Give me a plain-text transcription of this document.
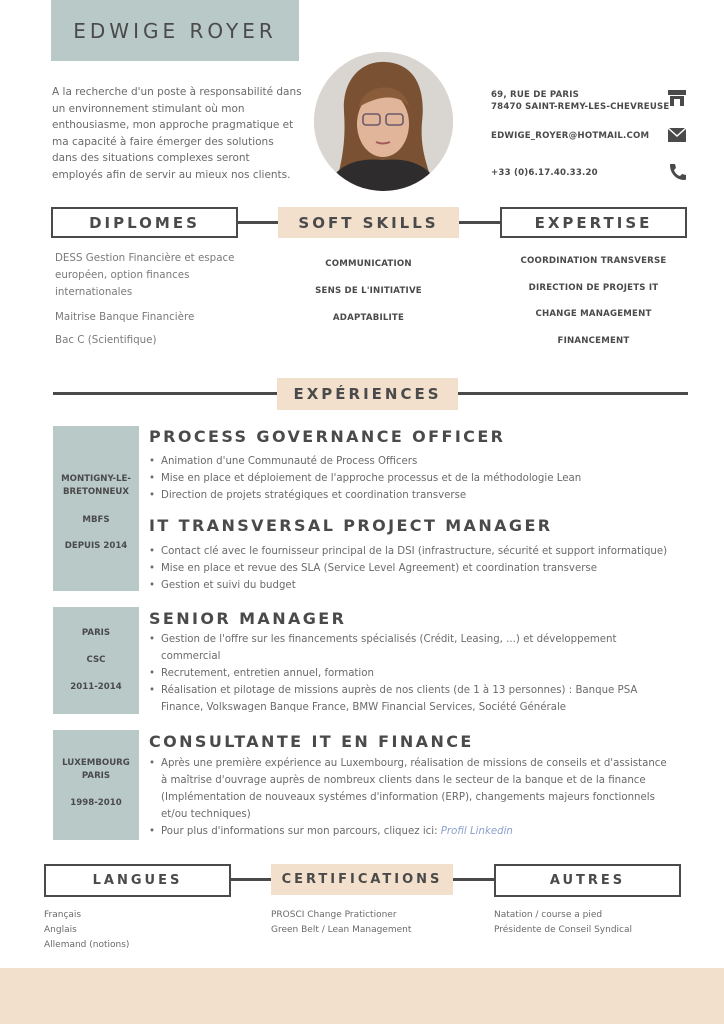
EDWIGE ROYER
A la recherche d'un poste à responsabilité dans un environnement stimulant où mon enthousiasme, mon approche pragmatique et ma capacité à faire émerger des solutions dans des situations complexes seront employés afin de servir au mieux nos clients.
69, RUE DE PARIS
78470 SAINT-REMY-LES-CHEVREUSE
EDWIGE_ROYER@HOTMAIL.COM
+33 (0)6.17.40.33.20
DIPLOMES	SOFT SKILLS	EXPERTISE
DESS Gestion Financière et espace européen, option finances internationales
Maitrise Banque Financière
Bac C (Scientifique)
COMMUNICATION
SENS DE L'INITIATIVE
ADAPTABILITE
COORDINATION TRANSVERSE
DIRECTION DE PROJETS IT
CHANGE MANAGEMENT
FINANCEMENT
EXPÉRIENCES
MONTIGNY-LE-BRETONNEUX
MBFS
DEPUIS 2014
PROCESS GOVERNANCE OFFICER
• Animation d'une Communauté de Process Officers
• Mise en place et déploiement de l'approche processus et de la méthodologie Lean
• Direction de projets stratégiques et coordination transverse
IT TRANSVERSAL PROJECT MANAGER
• Contact clé avec le fournisseur principal de la DSI (infrastructure, sécurité et support informatique)
• Mise en place et revue des SLA (Service Level Agreement) et coordination transverse
• Gestion et suivi du budget
PARIS
CSC
2011-2014
SENIOR MANAGER
• Gestion de l'offre sur les financements spécialisés (Crédit, Leasing, ...) et développement commercial
• Recrutement, entretien annuel, formation
• Réalisation et pilotage de missions auprès de nos clients (de 1 à 13 personnes) : Banque PSA Finance, Volkswagen Banque France, BMW Financial Services, Société Générale
LUXEMBOURG PARIS
1998-2010
CONSULTANTE IT EN FINANCE
• Après une première expérience au Luxembourg, réalisation de missions de conseils et d'assistance à maîtrise d'ouvrage auprès de nombreux clients dans le secteur de la banque et de la finance (Implémentation de nouveaux systémes d'information (ERP), changements majeurs fonctionnels et/ou techniques)
• Pour plus d'informations sur mon parcours, cliquez ici: Profil Linkedin
LANGUES	CERTIFICATIONS	AUTRES
Français
Anglais
Allemand (notions)
PROSCI Change Pratictioner
Green Belt / Lean Management
Natation / course a pied
Présidente de Conseil Syndical
